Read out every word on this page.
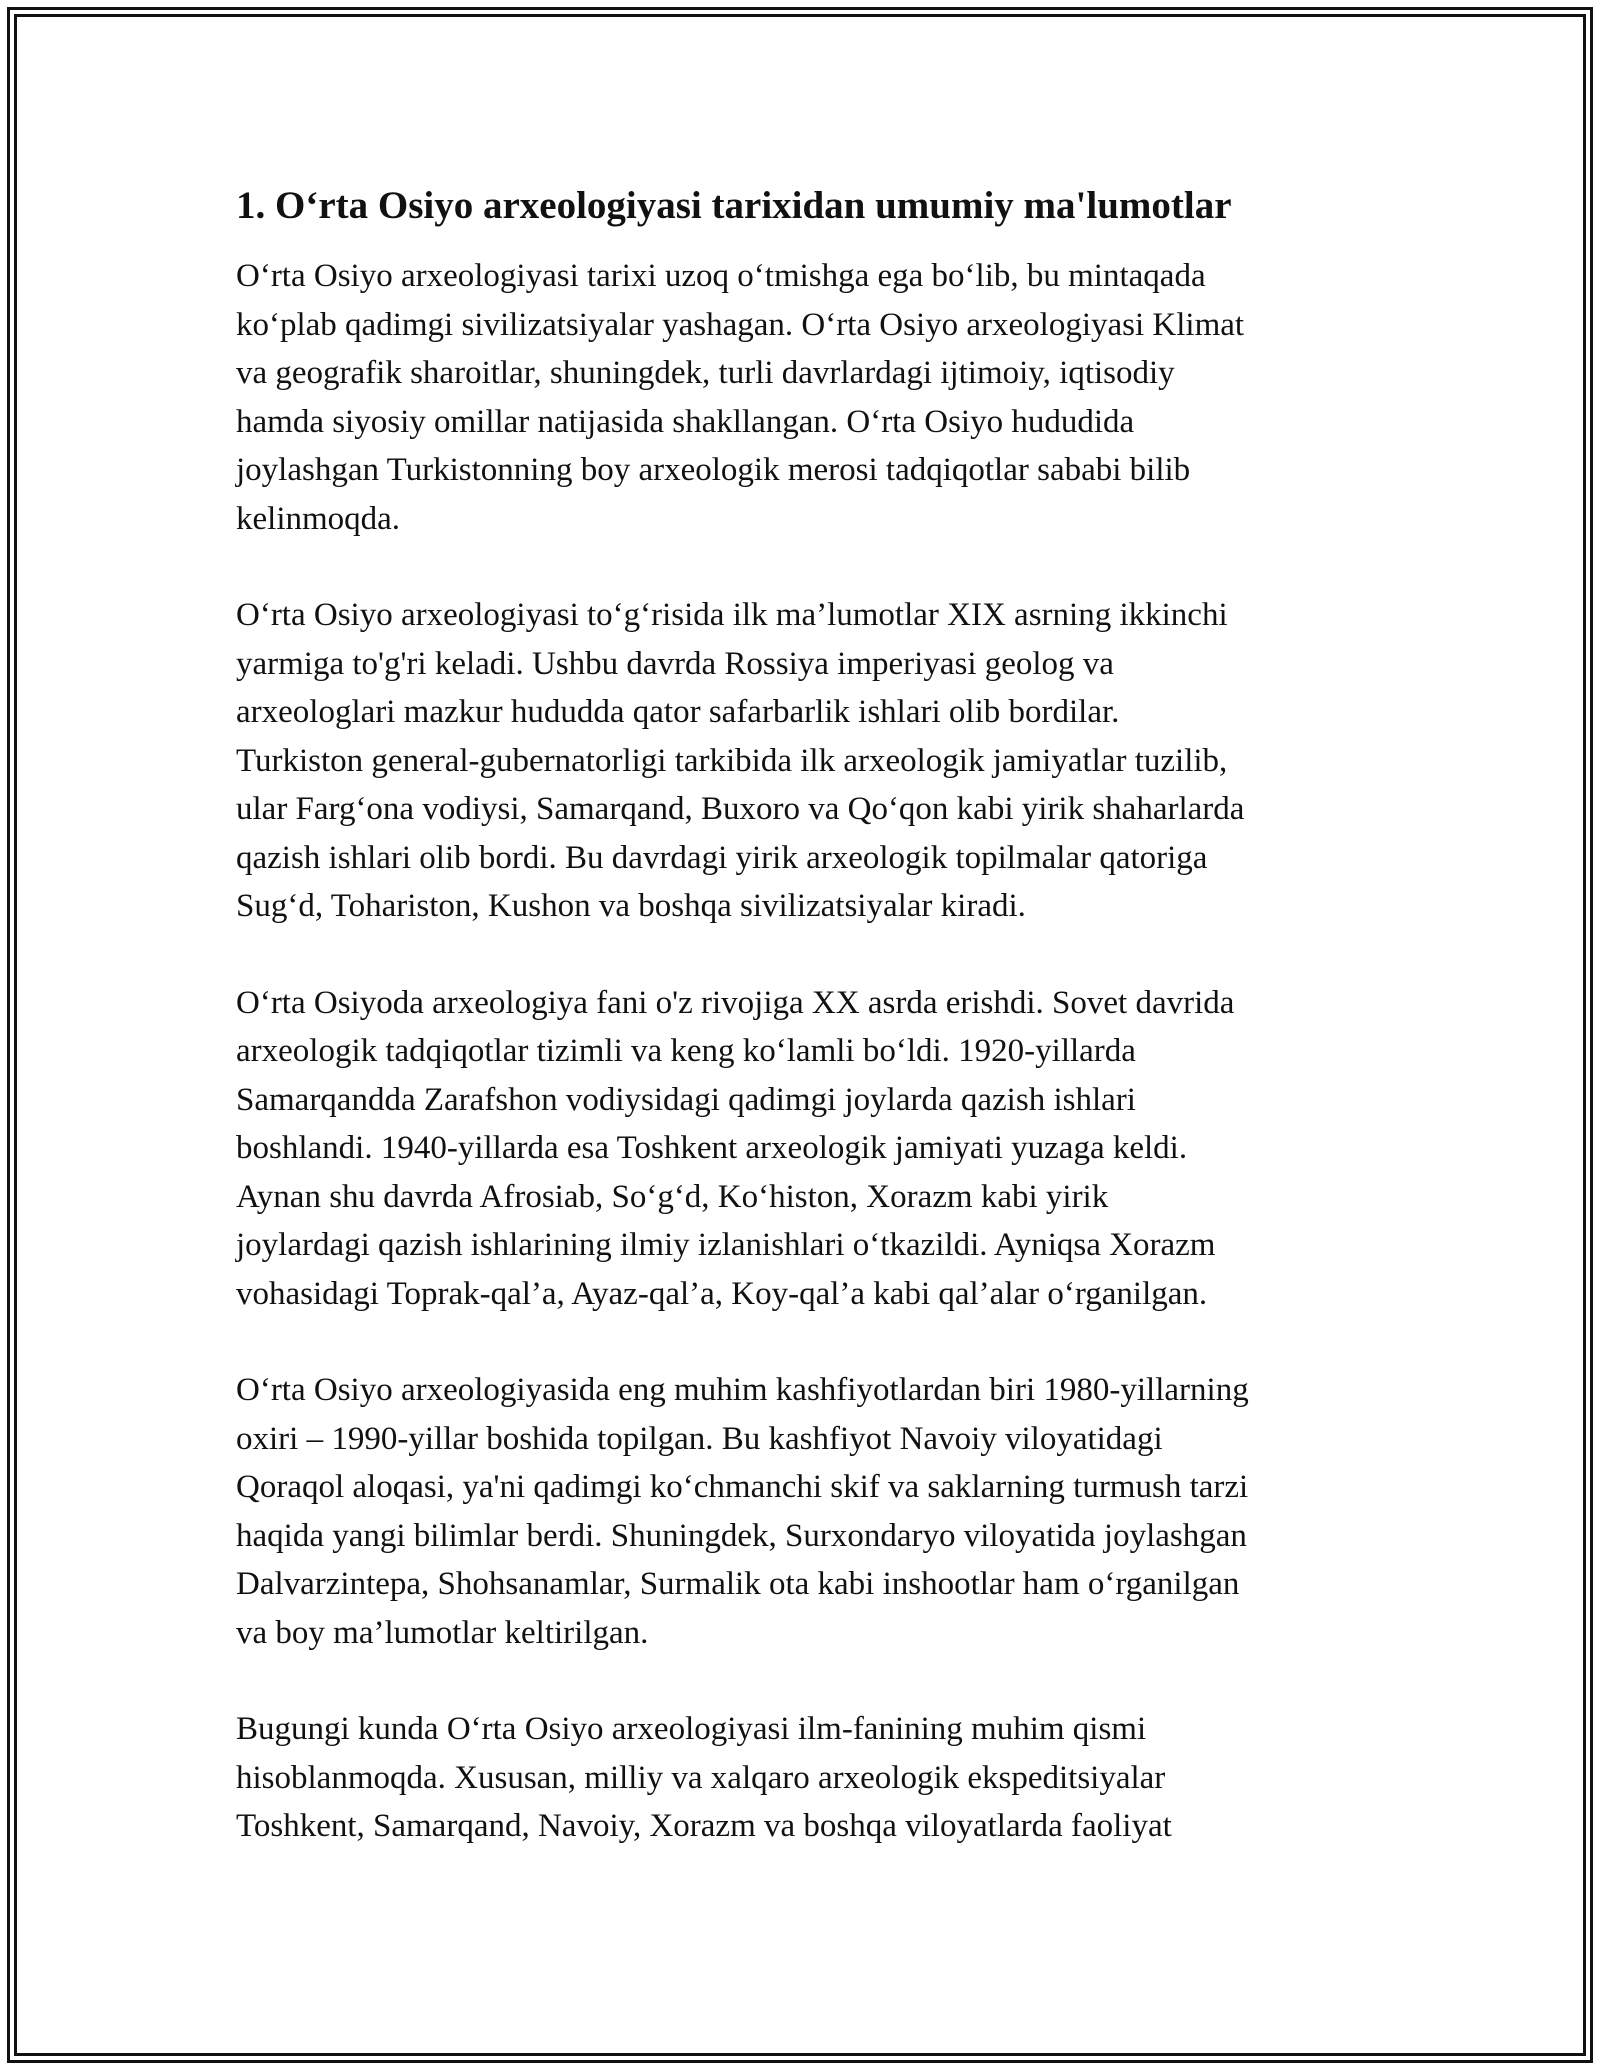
1. O‘rta Osiyo arxeologiyasi tarixidan umumiy ma'lumotlar

O‘rta Osiyo arxeologiyasi tarixi uzoq o‘tmishga ega bo‘lib, bu mintaqada
ko‘plab qadimgi sivilizatsiyalar yashagan. O‘rta Osiyo arxeologiyasi Klimat
va geografik sharoitlar, shuningdek, turli davrlardagi ijtimoiy, iqtisodiy
hamda siyosiy omillar natijasida shakllangan. O‘rta Osiyo hududida
joylashgan Turkistonning boy arxeologik merosi tadqiqotlar sababi bilib
kelinmoqda.

O‘rta Osiyo arxeologiyasi to‘g‘risida ilk ma’lumotlar XIX asrning ikkinchi
yarmiga to'g'ri keladi. Ushbu davrda Rossiya imperiyasi geolog va
arxeologlari mazkur hududda qator safarbarlik ishlari olib bordilar.
Turkiston general-gubernatorligi tarkibida ilk arxeologik jamiyatlar tuzilib,
ular Farg‘ona vodiysi, Samarqand, Buxoro va Qo‘qon kabi yirik shaharlarda
qazish ishlari olib bordi. Bu davrdagi yirik arxeologik topilmalar qatoriga
Sug‘d, Tohariston, Kushon va boshqa sivilizatsiyalar kiradi.

O‘rta Osiyoda arxeologiya fani o'z rivojiga XX asrda erishdi. Sovet davrida
arxeologik tadqiqotlar tizimli va keng ko‘lamli bo‘ldi. 1920-yillarda
Samarqandda Zarafshon vodiysidagi qadimgi joylarda qazish ishlari
boshlandi. 1940-yillarda esa Toshkent arxeologik jamiyati yuzaga keldi.
Aynan shu davrda Afrosiab, So‘g‘d, Ko‘histon, Xorazm kabi yirik
joylardagi qazish ishlarining ilmiy izlanishlari o‘tkazildi. Ayniqsa Xorazm
vohasidagi Toprak-qal’a, Ayaz-qal’a, Koy-qal’a kabi qal’alar o‘rganilgan.

O‘rta Osiyo arxeologiyasida eng muhim kashfiyotlardan biri 1980-yillarning
oxiri – 1990-yillar boshida topilgan. Bu kashfiyot Navoiy viloyatidagi
Qoraqol aloqasi, ya'ni qadimgi ko‘chmanchi skif va saklarning turmush tarzi
haqida yangi bilimlar berdi. Shuningdek, Surxondaryo viloyatida joylashgan
Dalvarzintepa, Shohsanamlar, Surmalik ota kabi inshootlar ham o‘rganilgan
va boy ma’lumotlar keltirilgan.

Bugungi kunda O‘rta Osiyo arxeologiyasi ilm-fanining muhim qismi
hisoblanmoqda. Xususan, milliy va xalqaro arxeologik ekspeditsiyalar
Toshkent, Samarqand, Navoiy, Xorazm va boshqa viloyatlarda faoliyat
